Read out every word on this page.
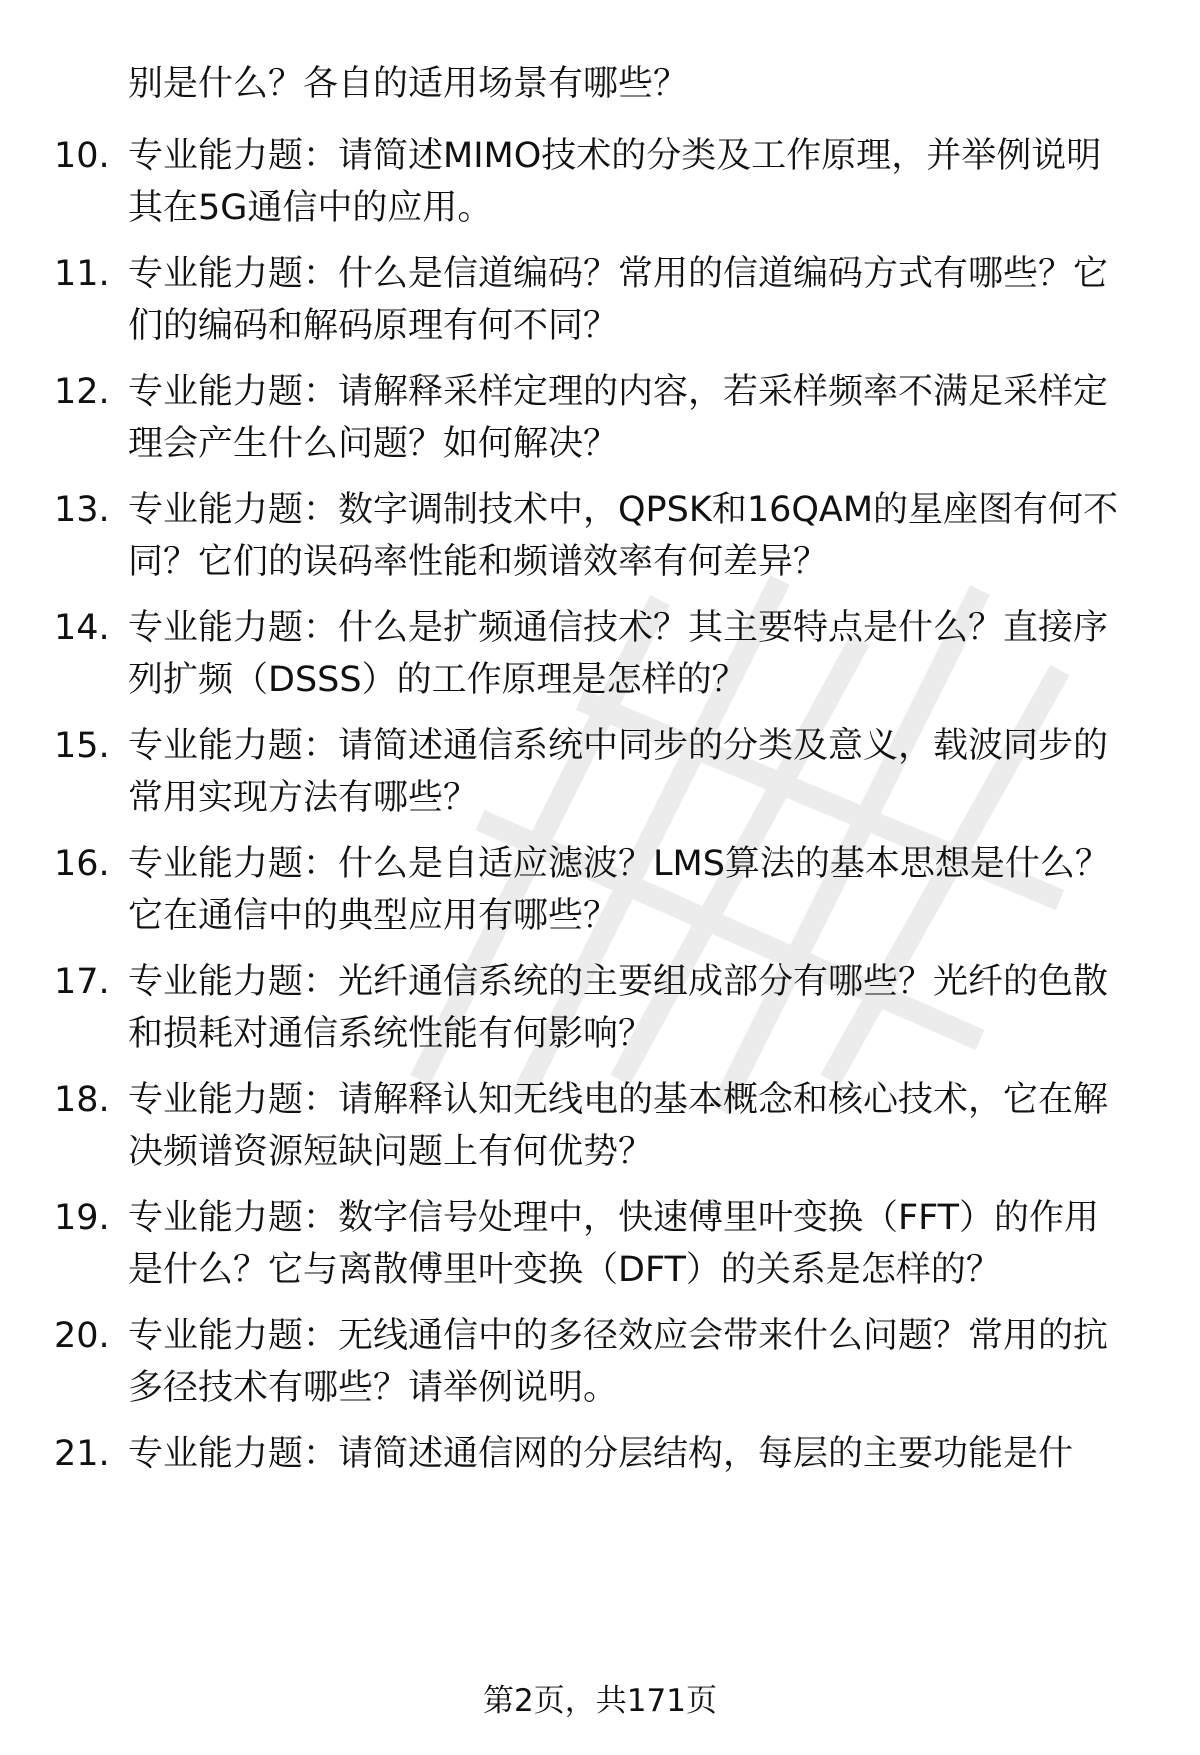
别是什么？各自的适用场景有哪些？
10. 专业能力题：请简述MIMO技术的分类及工作原理，并举例说明
其在5G通信中的应用。
11. 专业能力题：什么是信道编码？常用的信道编码方式有哪些？它
们的编码和解码原理有何不同？
12. 专业能力题：请解释采样定理的内容，若采样频率不满足采样定
理会产生什么问题？如何解决？
13. 专业能力题：数字调制技术中，QPSK和16QAM的星座图有何不
同？它们的误码率性能和频谱效率有何差异？
14. 专业能力题：什么是扩频通信技术？其主要特点是什么？直接序
列扩频（DSSS）的工作原理是怎样的？
15. 专业能力题：请简述通信系统中同步的分类及意义，载波同步的
常用实现方法有哪些？
16. 专业能力题：什么是自适应滤波？LMS算法的基本思想是什么？
它在通信中的典型应用有哪些？
17. 专业能力题：光纤通信系统的主要组成部分有哪些？光纤的色散
和损耗对通信系统性能有何影响？
18. 专业能力题：请解释认知无线电的基本概念和核心技术，它在解
决频谱资源短缺问题上有何优势？
19. 专业能力题：数字信号处理中，快速傅里叶变换（FFT）的作用
是什么？它与离散傅里叶变换（DFT）的关系是怎样的？
20. 专业能力题：无线通信中的多径效应会带来什么问题？常用的抗
多径技术有哪些？请举例说明。
21. 专业能力题：请简述通信网的分层结构，每层的主要功能是什
第2页，共171页
